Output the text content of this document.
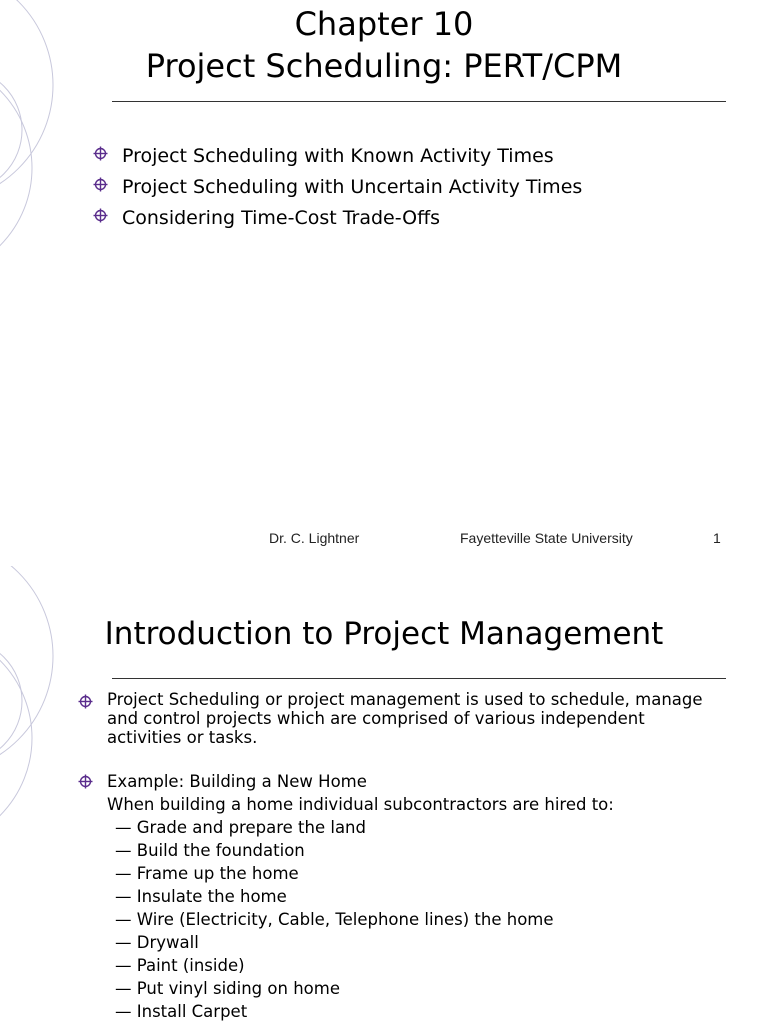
Chapter 10
Project Scheduling: PERT/CPM
Project Scheduling with Known Activity Times
Project Scheduling with Uncertain Activity Times
Considering Time-Cost Trade-Offs
Dr. C. Lightner	Fayetteville State University	1
Introduction to Project Management
Project Scheduling or project management is used to schedule, manage and control projects which are comprised of various independent activities or tasks.
Example: Building a New Home
When building a home individual subcontractors are hired to:
— Grade and prepare the land
— Build the foundation
— Frame up the home
— Insulate the home
— Wire (Electricity, Cable, Telephone lines) the home
— Drywall
— Paint (inside)
— Put vinyl siding on home
— Install Carpet
